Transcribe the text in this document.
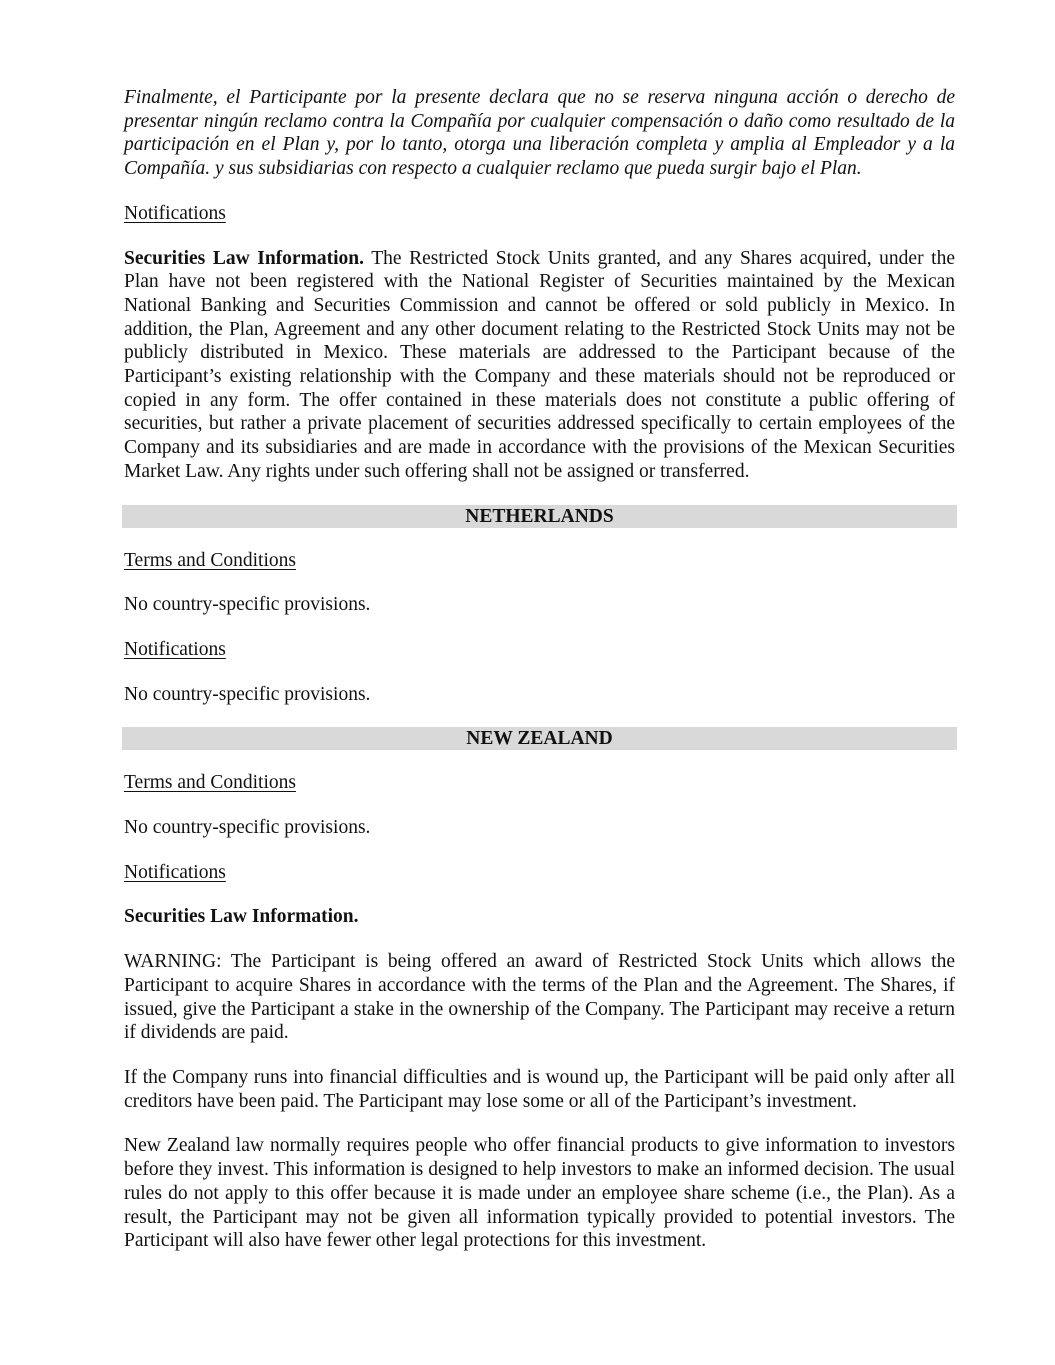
Finalmente, el Participante por la presente declara que no se reserva ninguna acción o derecho de presentar ningún reclamo contra la Compañía por cualquier compensación o daño como resultado de la participación en el Plan y, por lo tanto, otorga una liberación completa y amplia al Empleador y a la Compañía. y sus subsidiarias con respecto a cualquier reclamo que pueda surgir bajo el Plan.

Notifications

Securities Law Information. The Restricted Stock Units granted, and any Shares acquired, under the Plan have not been registered with the National Register of Securities maintained by the Mexican National Banking and Securities Commission and cannot be offered or sold publicly in Mexico. In addition, the Plan, Agreement and any other document relating to the Restricted Stock Units may not be publicly distributed in Mexico. These materials are addressed to the Participant because of the Participant’s existing relationship with the Company and these materials should not be reproduced or copied in any form. The offer contained in these materials does not constitute a public offering of securities, but rather a private placement of securities addressed specifically to certain employees of the Company and its subsidiaries and are made in accordance with the provisions of the Mexican Securities Market Law. Any rights under such offering shall not be assigned or transferred.

NETHERLANDS

Terms and Conditions

No country-specific provisions.

Notifications

No country-specific provisions.

NEW ZEALAND

Terms and Conditions

No country-specific provisions.

Notifications

Securities Law Information.

WARNING: The Participant is being offered an award of Restricted Stock Units which allows the Participant to acquire Shares in accordance with the terms of the Plan and the Agreement. The Shares, if issued, give the Participant a stake in the ownership of the Company. The Participant may receive a return if dividends are paid.

If the Company runs into financial difficulties and is wound up, the Participant will be paid only after all creditors have been paid. The Participant may lose some or all of the Participant’s investment.

New Zealand law normally requires people who offer financial products to give information to investors before they invest. This information is designed to help investors to make an informed decision. The usual rules do not apply to this offer because it is made under an employee share scheme (i.e., the Plan). As a result, the Participant may not be given all information typically provided to potential investors. The Participant will also have fewer other legal protections for this investment.
